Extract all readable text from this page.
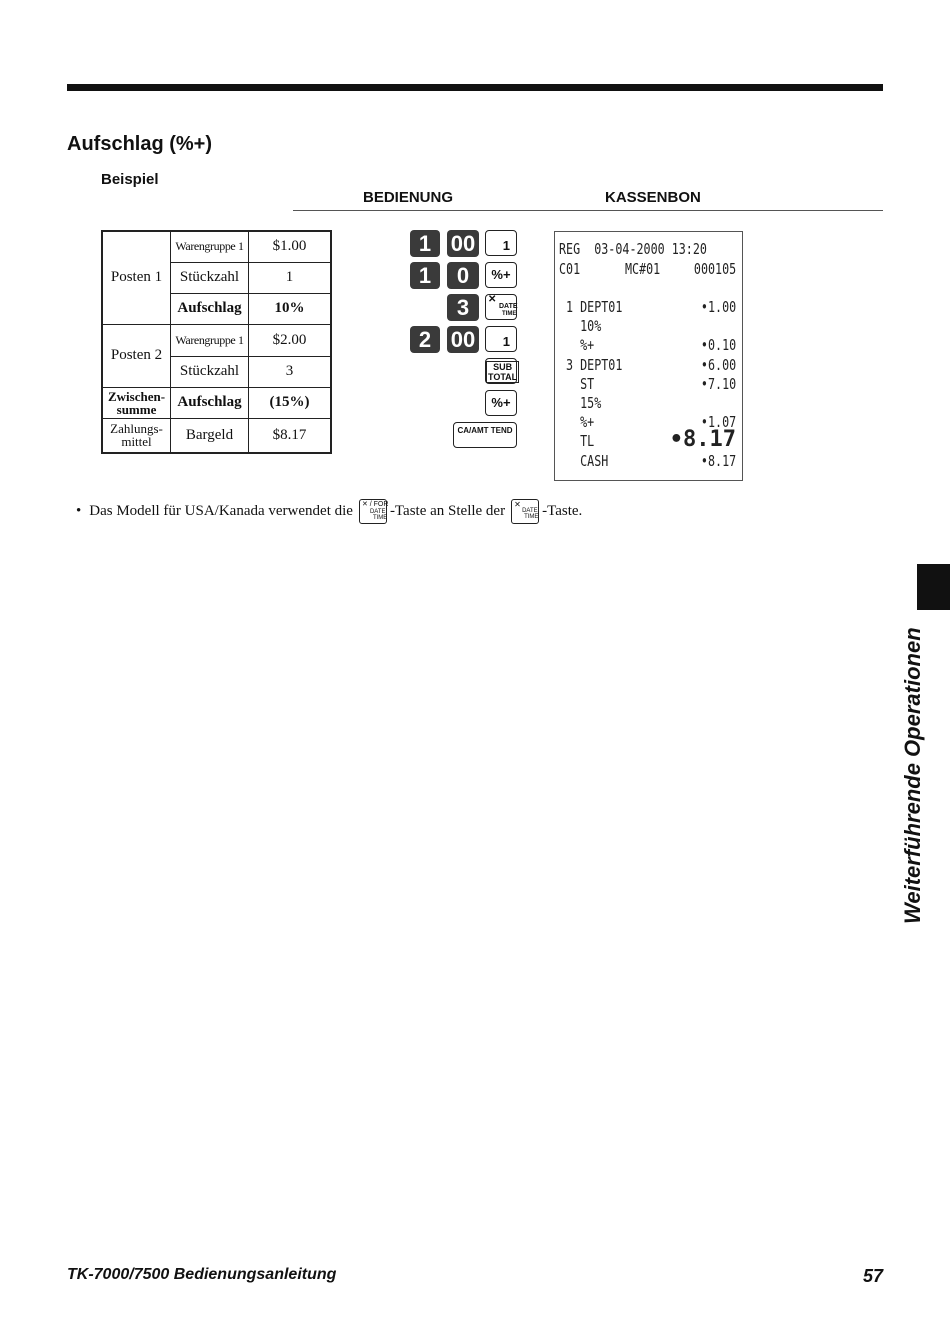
Aufschlag (%+)
Beispiel
BEDIENUNG	KASSENBON
Posten 1	Warengruppe 1	$1.00
	Stückzahl	1
	Aufschlag	10%
Posten 2	Warengruppe 1	$2.00
	Stückzahl	3
Zwischen-summe	Aufschlag	(15%)
Zahlungs-mittel	Bargeld	$8.17
1 00	1
1	0	%+
3	✕
DATE
TIME
2 00	1
SUB TOTAL
%+
CA/AMT TEND
REG  03-04-2000 13:20
C01	MC#01 000105
1 DEPT01	•1.00
10%
%+	•0.10
3 DEPT01	•6.00
ST	•7.10
15%
%+	•1.07
TL	•8.17
CASH	•8.17
• Das Modell für USA/Kanada verwendet die ✕ / FOR
DATE
TIME -Taste an Stelle der ✕
DATE
TIME -Taste.
Weiterführende Operationen
TK-7000/7500 Bedienungsanleitung	57
